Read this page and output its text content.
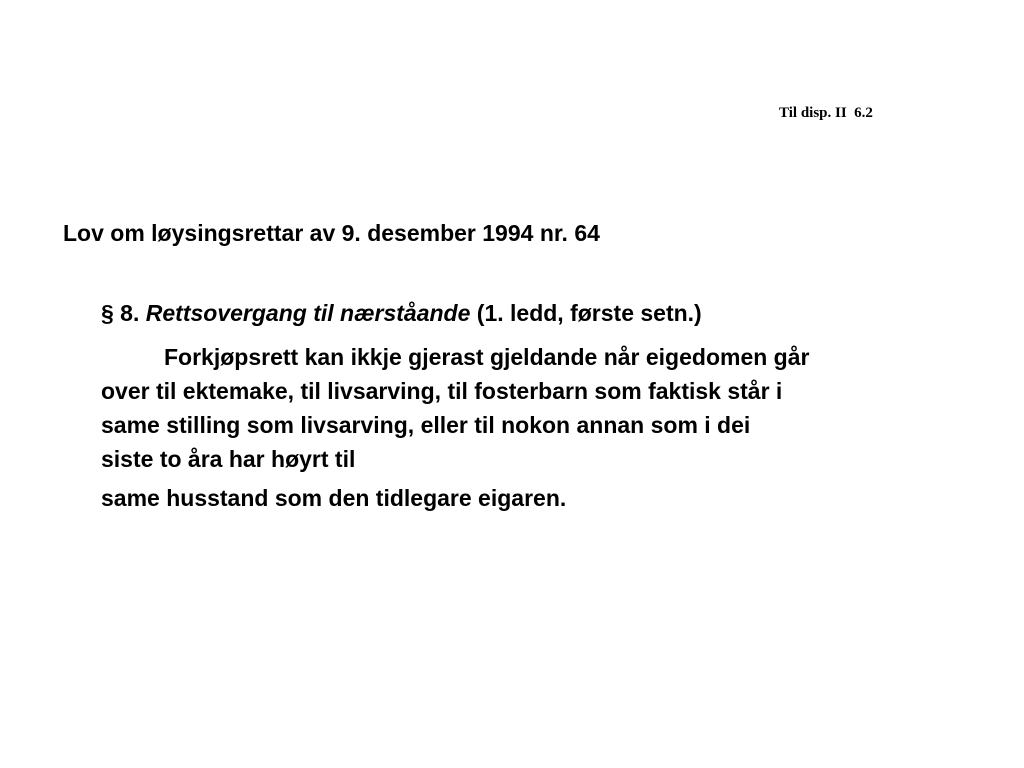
Til disp. II  6.2
Lov om løysingsrettar av 9. desember 1994 nr. 64
§ 8. Rettsovergang til nærståande (1. ledd, første setn.)
Forkjøpsrett kan ikkje gjerast gjeldande når eigedomen går
over til ektemake, til livsarving, til fosterbarn som faktisk står i
same stilling som livsarving, eller til nokon annan som i dei
siste to åra har høyrt til
same husstand som den tidlegare eigaren.
